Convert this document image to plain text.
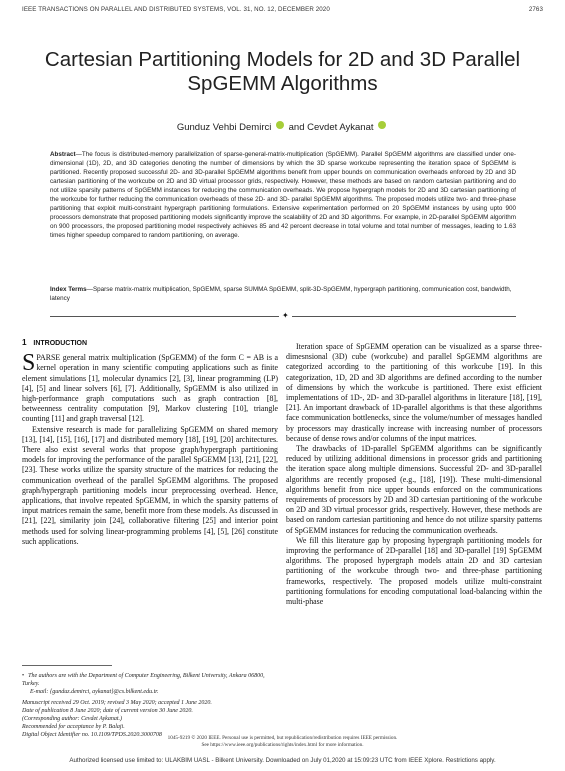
IEEE TRANSACTIONS ON PARALLEL AND DISTRIBUTED SYSTEMS, VOL. 31, NO. 12, DECEMBER 2020	2763
Cartesian Partitioning Models for 2D and 3D Parallel SpGEMM Algorithms
Gunduz Vehbi Demirci and Cevdet Aykanat
Abstract—The focus is distributed-memory parallelization of sparse-general-matrix-multiplication (SpGEMM). Parallel SpGEMM algorithms are classified under one-dimensional (1D), 2D, and 3D categories denoting the number of dimensions by which the 3D sparse workcube representing the iteration space of SpGEMM is partitioned. Recently proposed successful 2D- and 3D-parallel SpGEMM algorithms benefit from upper bounds on communication overheads enforced by 2D and 3D cartesian partitioning of the workcube on 2D and 3D virtual processor grids, respectively. However, these methods are based on random cartesian partitioning and do not utilize sparsity patterns of SpGEMM instances for reducing the communication overheads. We propose hypergraph models for 2D and 3D cartesian partitioning of the workcube for further reducing the communication overheads of these 2D- and 3D- parallel SpGEMM algorithms. The proposed models utilize two- and three-phase partitioning that exploit multi-constraint hypergraph partitioning formulations. Extensive experimentation performed on 20 SpGEMM instances by using upto 900 processors demonstrate that proposed partitioning models significantly improve the scalability of 2D and 3D algorithms. For example, in 2D-parallel SpGEMM algorithm on 900 processors, the proposed partitioning model respectively achieves 85 and 42 percent decrease in total volume and total number of messages, leading to 1.63 times higher speedup compared to random partitioning, on average.
Index Terms—Sparse matrix-matrix multiplication, SpGEMM, sparse SUMMA SpGEMM, split-3D-SpGEMM, hypergraph partitioning, communication cost, bandwidth, latency
✦
1 INTRODUCTION

SPARSE general matrix multiplication (SpGEMM) of the form C = AB is a kernel operation in many scientific computing applications such as finite element simulations [1], molecular dynamics [2], [3], linear programming (LP) [4], [5] and linear solvers [6], [7]. Additionally, SpGEMM is also utilized in high-performance graph computations such as graph contraction [8], betweenness centrality computation [9], Markov clustering [10], triangle counting [11] and graph traversal [12].

Extensive research is made for parallelizing SpGEMM on shared memory [13], [14], [15], [16], [17] and distributed memory [18], [19], [20] architectures. There also exist several works that propose graph/hypergraph partitioning models for improving the performance of the parallel SpGEMM [13], [21], [22], [23]. These works utilize the sparsity structure of the matrices for reducing the communication overhead of the parallel SpGEMM algorithms. The proposed graph/hypergraph partitioning models incur preprocessing overhead. Hence, applications, that involve repeated SpGEMM, in which the sparsity patterns of input matrices remain the same, benefit more from these models. As discussed in [21], [22], similarity join [24], collaborative filtering [25] and interior point methods used for solving linear-programming problems [4], [5], [26] constitute such applications.

Iteration space of SpGEMM operation can be visualized as a sparse three-dimesnsional (3D) cube (workcube) and parallel SpGEMM algorithms are categorized according to the partitioning of this workcube [19]. In this categorization, 1D, 2D and 3D algorithms are defined according to the number of dimensions by which the workcube is partitioned. There exist efficient implementations of 1D-, 2D- and 3D-parallel algorithms in literature [18], [19], [21]. An important drawback of 1D-parallel algorithms is that these algorithms face communication bottlenecks, since the volume/number of messages handled by processors may drastically increase with increasing number of processors because of dense rows and/or columns of the input matrices.

The drawbacks of 1D-parallel SpGEMM algorithms can be significantly reduced by utilizing additional dimensions in processor grids and partitioning the iteration space along multiple dimensions. Successful 2D- and 3D-parallel algorithms are recently proposed (e.g., [18], [19]). These multi-dimensional algorithms benefit from nice upper bounds enforced on the communications requirements of processors by 2D and 3D cartesian partitioning of the workcube on 2D and 3D virtual processor grids, respectively. However, these methods are based on random cartesian partitioning and hence do not utilize sparsity patterns of SpGEMM instances for reducing the communication overheads.

We fill this literature gap by proposing hypergraph partitioning models for improving the performance of 2D-parallel [18] and 3D-parallel [19] SpGEMM algorithms. The proposed hypergraph models attain 2D and 3D cartesian partitioning of the workcube through two- and three-phase partitioning frameworks, respectively. The proposed models utilize multi-constraint partitioning formulations for encoding computational load-balancing within the multi-phase

• The authors are with the Department of Computer Engineering, Bilkent University, Ankara 06800, Turkey.
E-mail: {gunduz.demirci, aykanat}@cs.bilkent.edu.tr.
Manuscript received 29 Oct. 2019; revised 3 May 2020; accepted 1 June 2020.
Date of publication 8 June 2020; date of current version 30 June 2020.
(Corresponding author: Cevdet Aykanat.)
Recommended for acceptance by P. Balaji.
Digital Object Identifier no. 10.1109/TPDS.2020.3000708	1045-9219 © 2020 IEEE. Personal use is permitted, but republication/redistribution requires IEEE permission.
See https://www.ieee.org/publications/rights/index.html for more information.
Authorized licensed use limited to: ULAKBIM UASL - Bilkent University. Downloaded on July 01,2020 at 15:09:23 UTC from IEEE Xplore. Restrictions apply.
